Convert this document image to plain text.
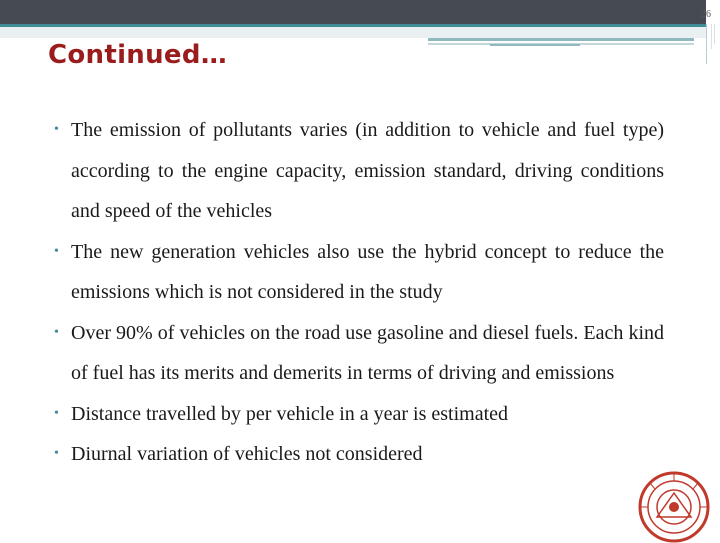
26
Continued…
• The emission of pollutants varies (in addition to vehicle and fuel type) according to the engine capacity, emission standard, driving conditions and speed of the vehicles
• The new generation vehicles also use the hybrid concept to reduce the emissions which is not considered in the study
• Over 90% of vehicles on the road use gasoline and diesel fuels. Each kind of fuel has its merits and demerits in terms of driving and emissions
• Distance travelled by per vehicle in a year is estimated
• Diurnal variation of vehicles not considered
